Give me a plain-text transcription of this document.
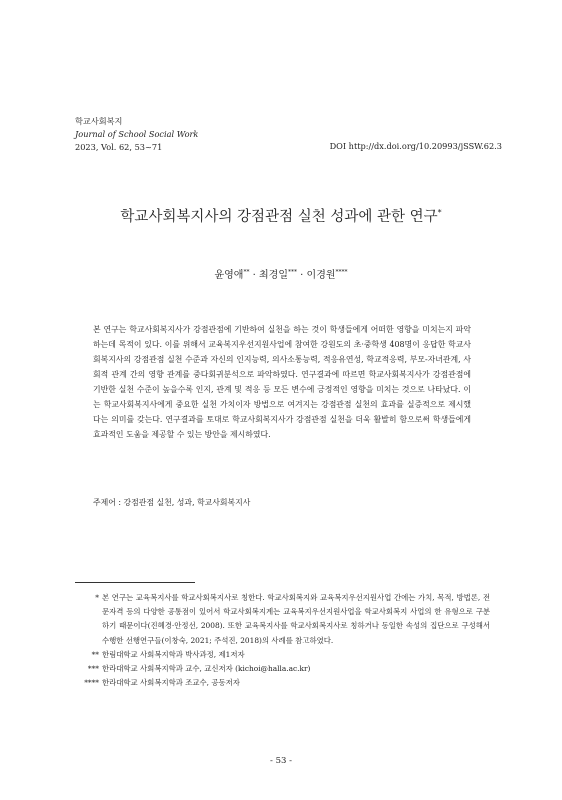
학교사회복지
Journal of School Social Work
2023, Vol. 62, 53~71	DOI http://dx.doi.org/10.20993/jSSW.62.3
학교사회복지사의 강점관점 실천 성과에 관한 연구*
윤영애** · 최경일*** · 이경원****

본 연구는 학교사회복지사가 강점관점에 기반하여 실천을 하는 것이 학생들에게 어떠한 영향을 미치는지 파악하는데 목적이 있다. 이를 위해서 교육복지우선지원사업에 참여한 강원도의 초·중학생 408명이 응답한 학교사회복지사의 강점관점 실천 수준과 자신의 인지능력, 의사소통능력, 적응유연성, 학교적응력, 부모-자녀관계, 사회적 관계 간의 영향 관계를 중다회귀분석으로 파악하였다. 연구결과에 따르면 학교사회복지사가 강점관점에 기반한 실천 수준이 높을수록 인지, 관계 및 적응 등 모든 변수에 긍정적인 영향을 미치는 것으로 나타났다. 이는 학교사회복지사에게 중요한 실천 가치이자 방법으로 여겨지는 강점관점 실천의 효과를 실증적으로 제시했다는 의미를 갖는다. 연구결과를 토대로 학교사회복지사가 강점관점 실천을 더욱 활발히 함으로써 학생들에게 효과적인 도움을 제공할 수 있는 방안을 제시하였다.

주제어 : 강점관점 실천, 성과, 학교사회복지사
* 본 연구는 교육복지사를 학교사회복지사로 칭한다. 학교사회복지와 교육복지우선지원사업 간에는 가치, 목적, 방법론, 전문자격 등의 다양한 공통점이 있어서 학교사회복지계는 교육복지우선지원사업을 학교사회복지 사업의 한 유형으로 구분하기 때문이다(진혜경·안정선, 2008). 또한 교육복지사를 학교사회복지사로 칭하거나 동일한 속성의 집단으로 구성해서 수행한 선행연구들(이창숙, 2021; 주석진, 2018)의 사례를 참고하였다.
** 한림대학교 사회복지학과 박사과정, 제1저자
*** 한라대학교 사회복지학과 교수, 교신저자 (kichoi@halla.ac.kr)
**** 한라대학교 사회복지학과 조교수, 공동저자
- 53 -
